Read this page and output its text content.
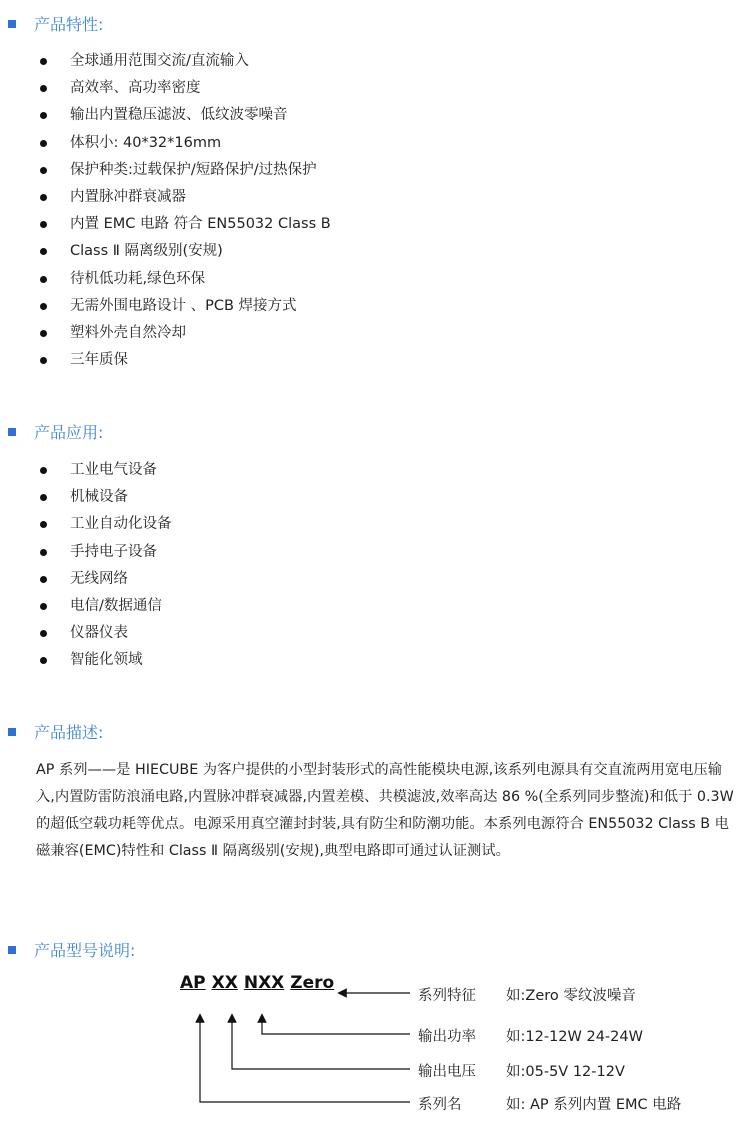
产品特性:
全球通用范围交流/直流输入
高效率、高功率密度
输出内置稳压滤波、低纹波零噪音
体积小: 40*32*16mm
保护种类:过载保护/短路保护/过热保护
内置脉冲群衰减器
内置 EMC 电路 符合 EN55032 Class B
Class Ⅱ 隔离级别(安规)
待机低功耗,绿色环保
无需外围电路设计 、PCB 焊接方式
塑料外壳自然冷却
三年质保
产品应用:
工业电气设备
机械设备
工业自动化设备
手持电子设备
无线网络
电信/数据通信
仪器仪表
智能化领域
产品描述:

AP 系列——是 HIECUBE 为客户提供的小型封装形式的高性能模块电源,该系列电源具有交直流两用宽电压输入,内置防雷防浪涌电路,内置脉冲群衰减器,内置差模、共模滤波,效率高达 86 %(全系列同步整流)和低于 0.3W 的超低空载功耗等优点。电源采用真空灌封封装,具有防尘和防潮功能。本系列电源符合 EN55032 Class B 电磁兼容(EMC)特性和 Class Ⅱ 隔离级别(安规),典型电路即可通过认证测试。

产品型号说明:
AP XX NXX Zero
系列特征 如:Zero 零纹波噪音
输出功率 如:12-12W 24-24W
输出电压 如:05-5V 12-12V
系列名	如: AP 系列内置 EMC 电路
